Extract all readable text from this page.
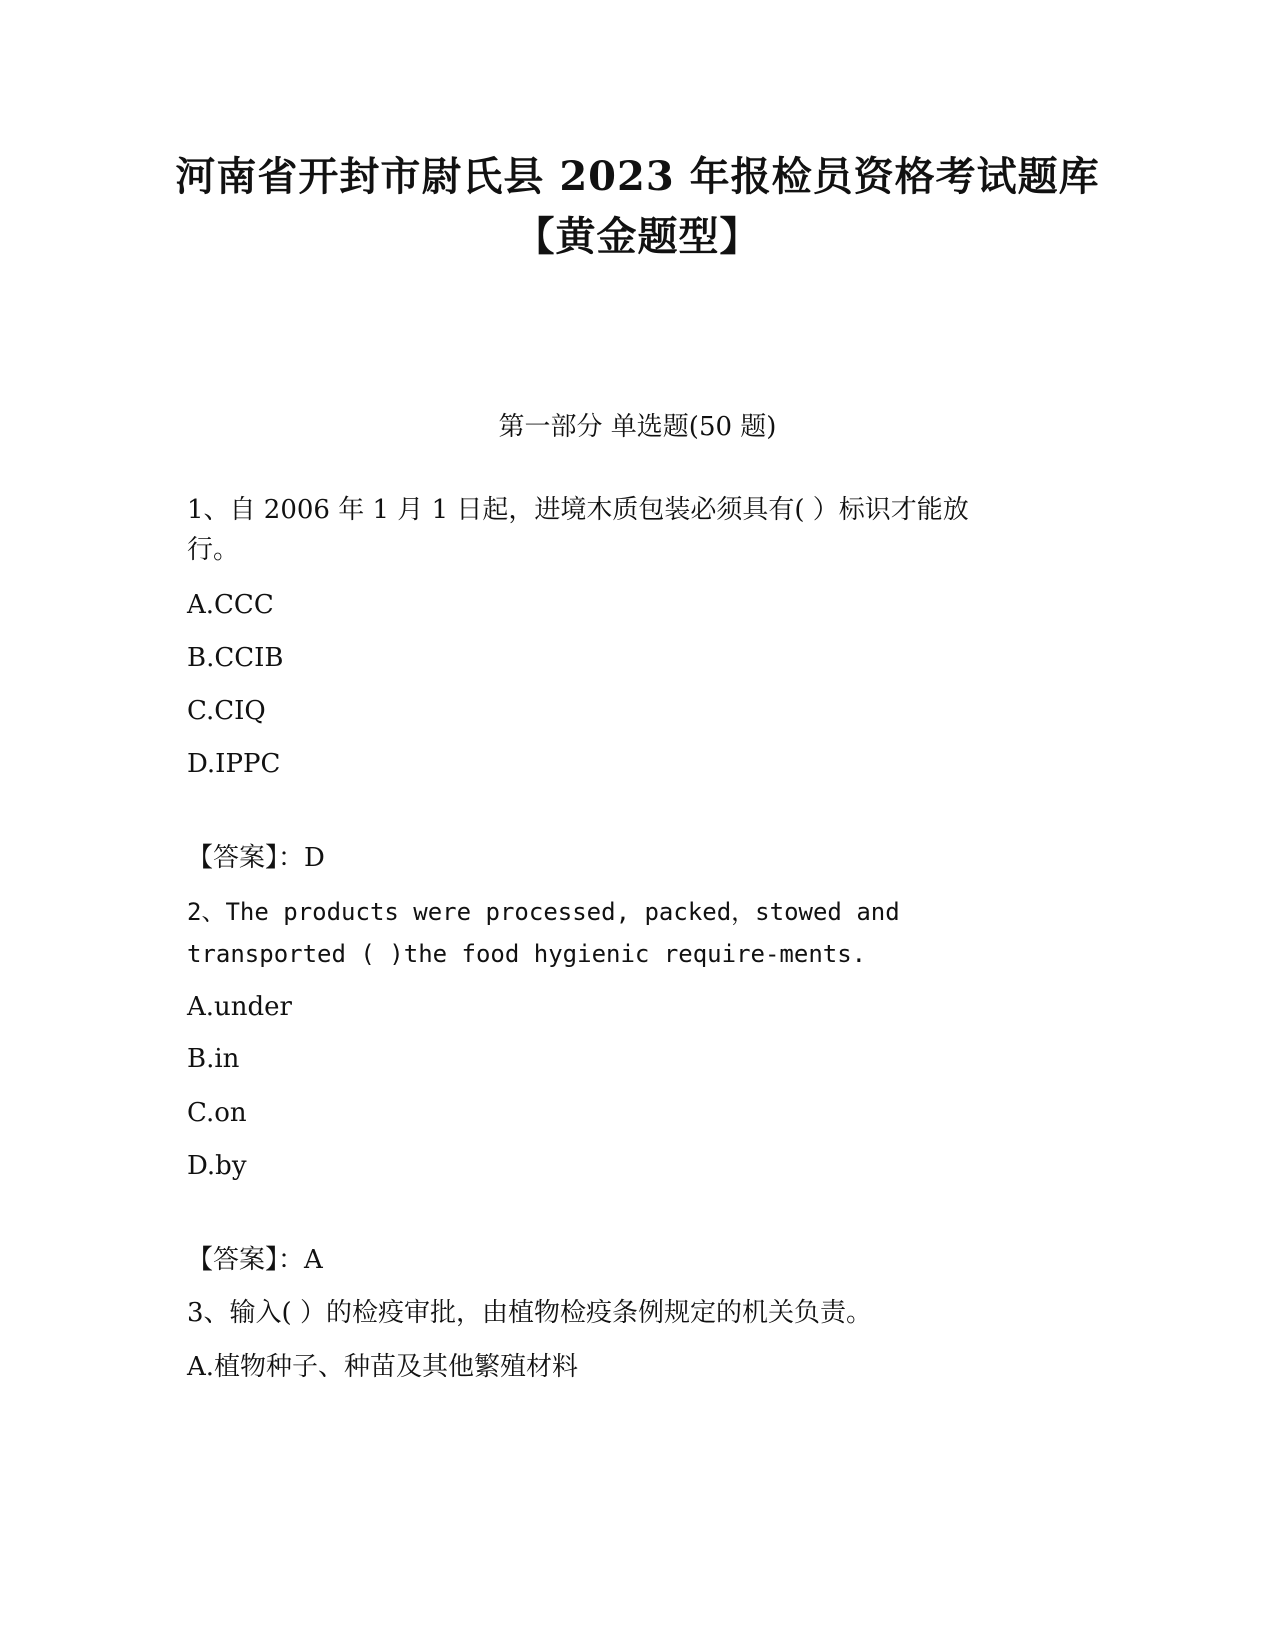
河南省开封市尉氏县 2023 年报检员资格考试题库
【黄金题型】
第一部分 单选题(50 题)
1、自 2006 年 1 月 1 日起，进境木质包装必须具有( ）标识才能放
行。
A.CCC
B.CCIB
C.CIQ
D.IPPC
【答案】：D
2、The products were processed, packed，stowed and
transported ( )the food hygienic require-ments.
A.under
B.in
C.on
D.by
【答案】：A
3、输入( ）的检疫审批，由植物检疫条例规定的机关负责。
A.植物种子、种苗及其他繁殖材料
